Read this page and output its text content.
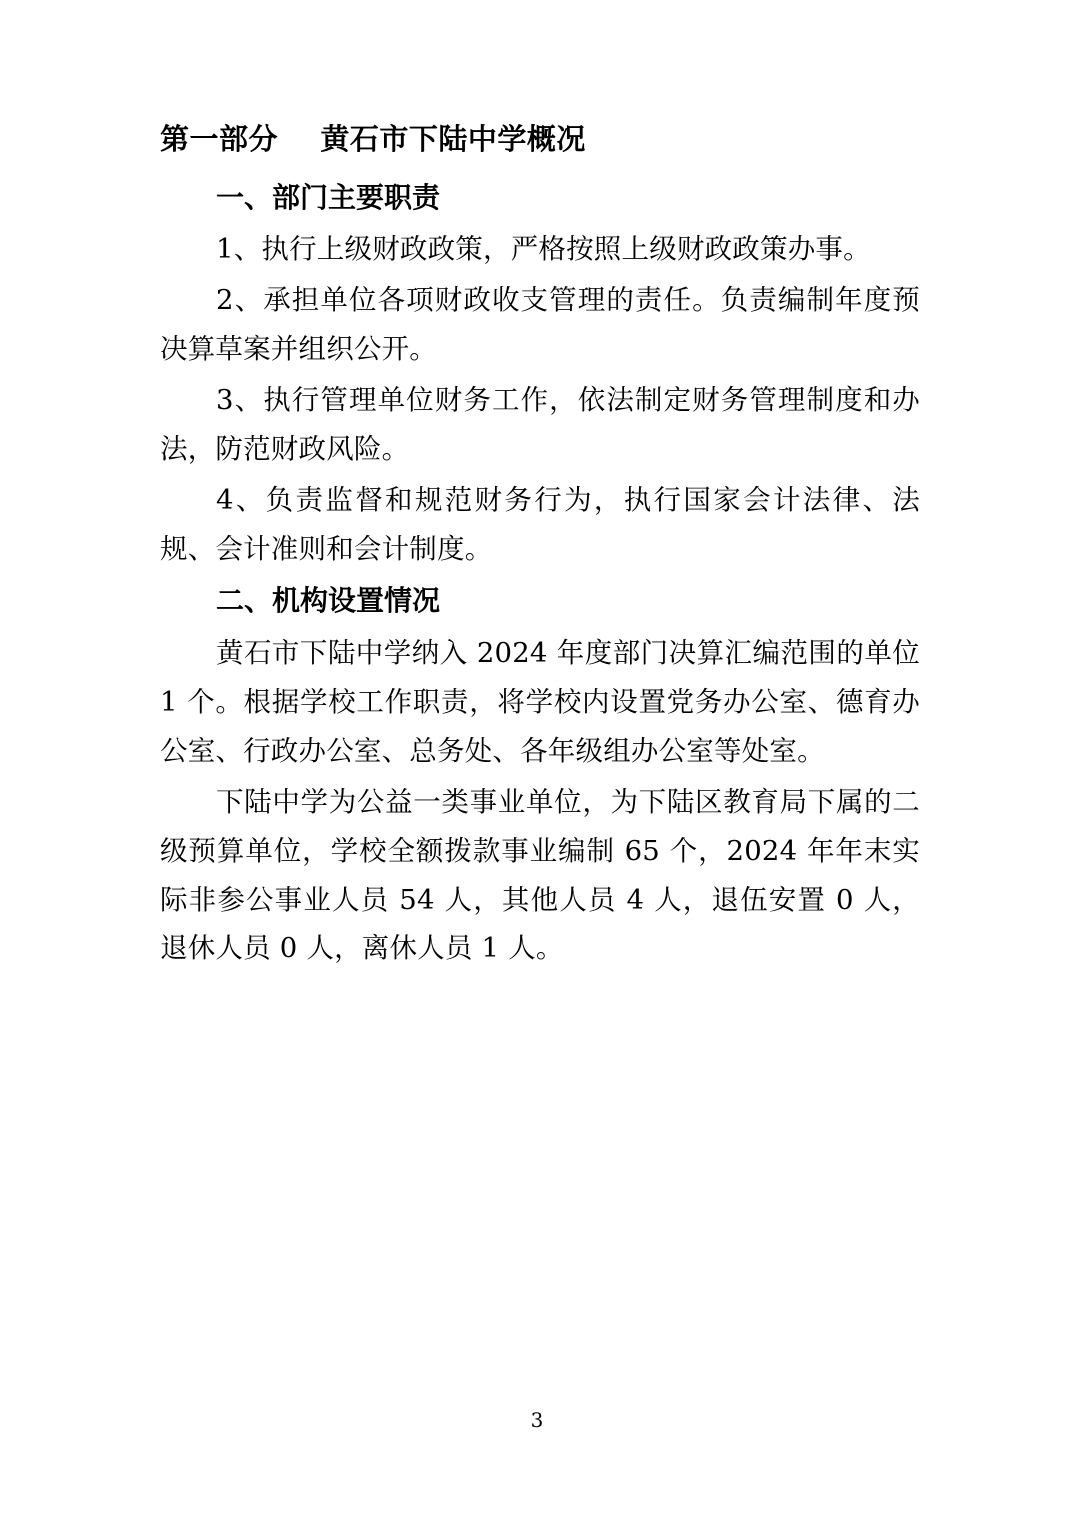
第一部分    黄石市下陆中学概况
一、部门主要职责

1、执行上级财政政策，严格按照上级财政政策办事。

2、承担单位各项财政收支管理的责任。负责编制年度预决算草案并组织公开。

3、执行管理单位财务工作，依法制定财务管理制度和办法，防范财政风险。

4、负责监督和规范财务行为，执行国家会计法律、法规、会计准则和会计制度。

二、机构设置情况

黄石市下陆中学纳入 2024 年度部门决算汇编范围的单位 1 个。根据学校工作职责，将学校内设置党务办公室、德育办公室、行政办公室、总务处、各年级组办公室等处室。

下陆中学为公益一类事业单位，为下陆区教育局下属的二级预算单位，学校全额拨款事业编制 65 个，2024 年年末实际非参公事业人员 54 人，其他人员 4 人，退伍安置 0 人，退休人员 0 人，离休人员 1 人。

3
